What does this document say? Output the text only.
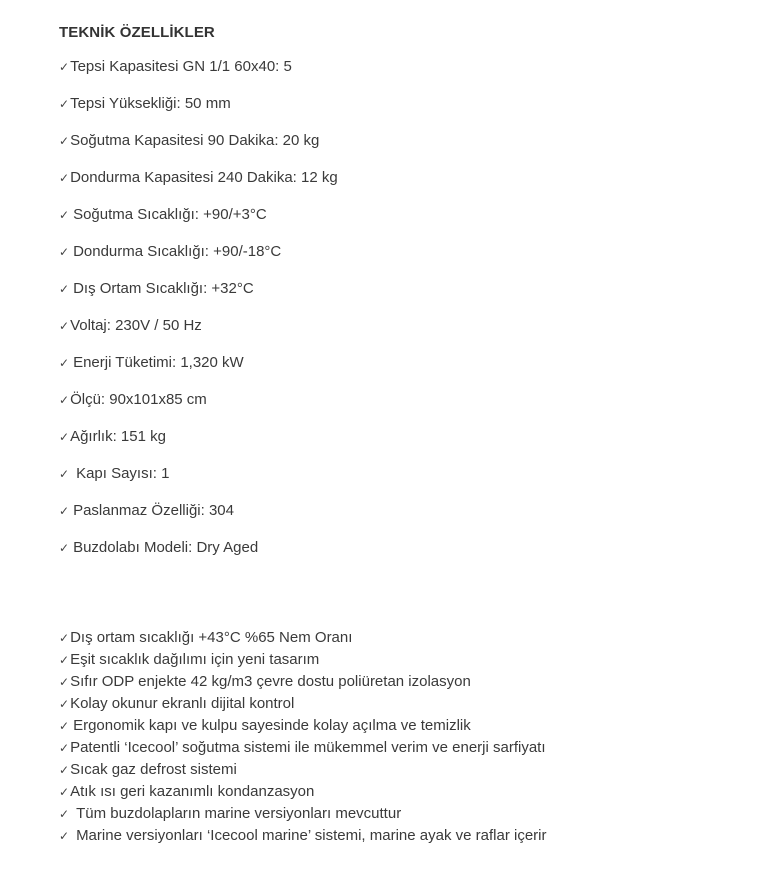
TEKNİK ÖZELLİKLER
✓Tepsi Kapasitesi GN 1/1 60x40: 5
✓Tepsi Yüksekliği: 50 mm
✓Soğutma Kapasitesi 90 Dakika: 20 kg
✓Dondurma Kapasitesi 240 Dakika: 12 kg
✓ Soğutma Sıcaklığı: +90/+3°C
✓ Dondurma Sıcaklığı: +90/-18°C
✓ Dış Ortam Sıcaklığı: +32°C
✓Voltaj: 230V / 50 Hz
✓ Enerji Tüketimi: 1,320 kW
✓Ölçü: 90x101x85 cm
✓Ağırlık: 151 kg
✓ Kapı Sayısı: 1
✓ Paslanmaz Özelliği: 304
✓ Buzdolabı Modeli: Dry Aged
✓Dış ortam sıcaklığı +43°C %65 Nem Oranı
✓Eşit sıcaklık dağılımı için yeni tasarım
✓Sıfır ODP enjekte 42 kg/m3 çevre dostu poliüretan izolasyon
✓Kolay okunur ekranlı dijital kontrol
✓ Ergonomik kapı ve kulpu sayesinde kolay açılma ve temizlik
✓Patentli ‘Icecool’ soğutma sistemi ile mükemmel verim ve enerji sarfiyatı
✓Sıcak gaz defrost sistemi
✓Atık ısı geri kazanımlı kondanzasyon
✓ Tüm buzdolapların marine versiyonları mevcuttur
✓ Marine versiyonları ‘Icecool marine’ sistemi, marine ayak ve raflar içerir
